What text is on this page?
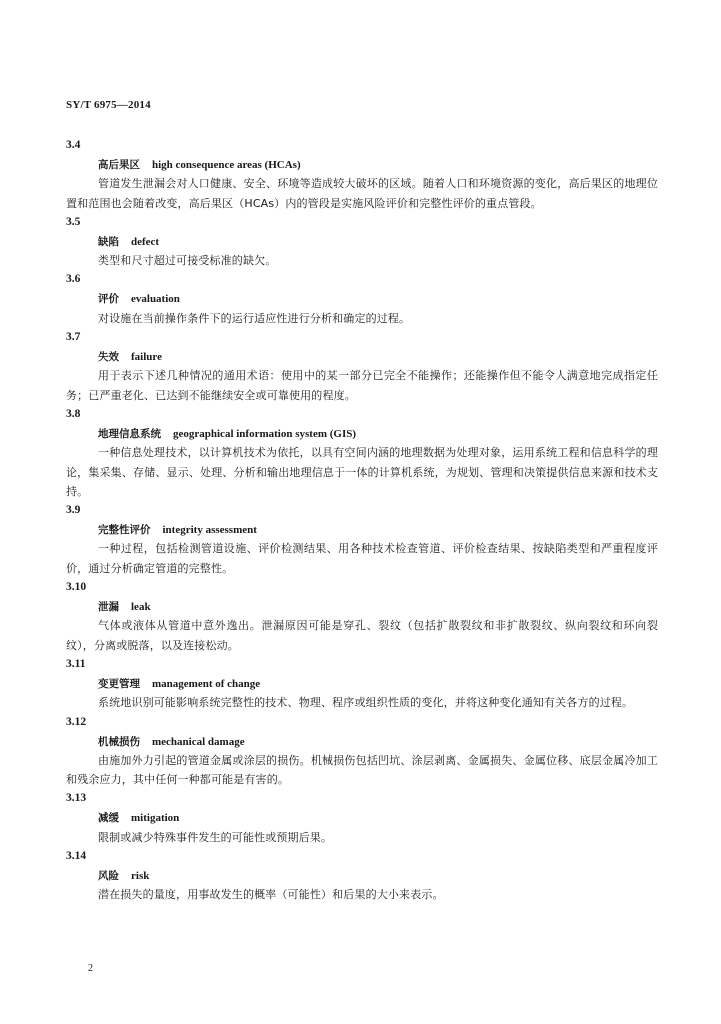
SY/T 6975—2014
3.4
高后果区 high consequence areas (HCAs)

管道发生泄漏会对人口健康、安全、环境等造成较大破坏的区域。随着人口和环境资源的变化，高后果区的地理位置和范围也会随着改变，高后果区（HCAs）内的管段是实施风险评价和完整性评价的重点管段。

3.5
缺陷 defect

类型和尺寸超过可接受标准的缺欠。

3.6
评价 evaluation

对设施在当前操作条件下的运行适应性进行分析和确定的过程。

3.7
失效 failure

用于表示下述几种情况的通用术语：使用中的某一部分已完全不能操作；还能操作但不能令人满意地完成指定任务；已严重老化、已达到不能继续安全或可靠使用的程度。

3.8
地理信息系统 geographical information system (GIS)

一种信息处理技术，以计算机技术为依托，以具有空间内涵的地理数据为处理对象，运用系统工程和信息科学的理论，集采集、存储、显示、处理、分析和输出地理信息于一体的计算机系统，为规划、管理和决策提供信息来源和技术支持。

3.9
完整性评价 integrity assessment

一种过程，包括检测管道设施、评价检测结果、用各种技术检查管道、评价检查结果、按缺陷类型和严重程度评价，通过分析确定管道的完整性。

3.10
泄漏 leak

气体或液体从管道中意外逸出。泄漏原因可能是穿孔、裂纹（包括扩散裂纹和非扩散裂纹、纵向裂纹和环向裂纹），分离或脱落，以及连接松动。

3.11
变更管理 management of change

系统地识别可能影响系统完整性的技术、物理、程序或组织性质的变化，并将这种变化通知有关各方的过程。

3.12
机械损伤 mechanical damage

由施加外力引起的管道金属或涂层的损伤。机械损伤包括凹坑、涂层剥离、金属损失、金属位移、底层金属冷加工和残余应力，其中任何一种都可能是有害的。

3.13
减缓 mitigation

限制或减少特殊事件发生的可能性或预期后果。

3.14
风险 risk

潜在损失的量度，用事故发生的概率（可能性）和后果的大小来表示。

2
